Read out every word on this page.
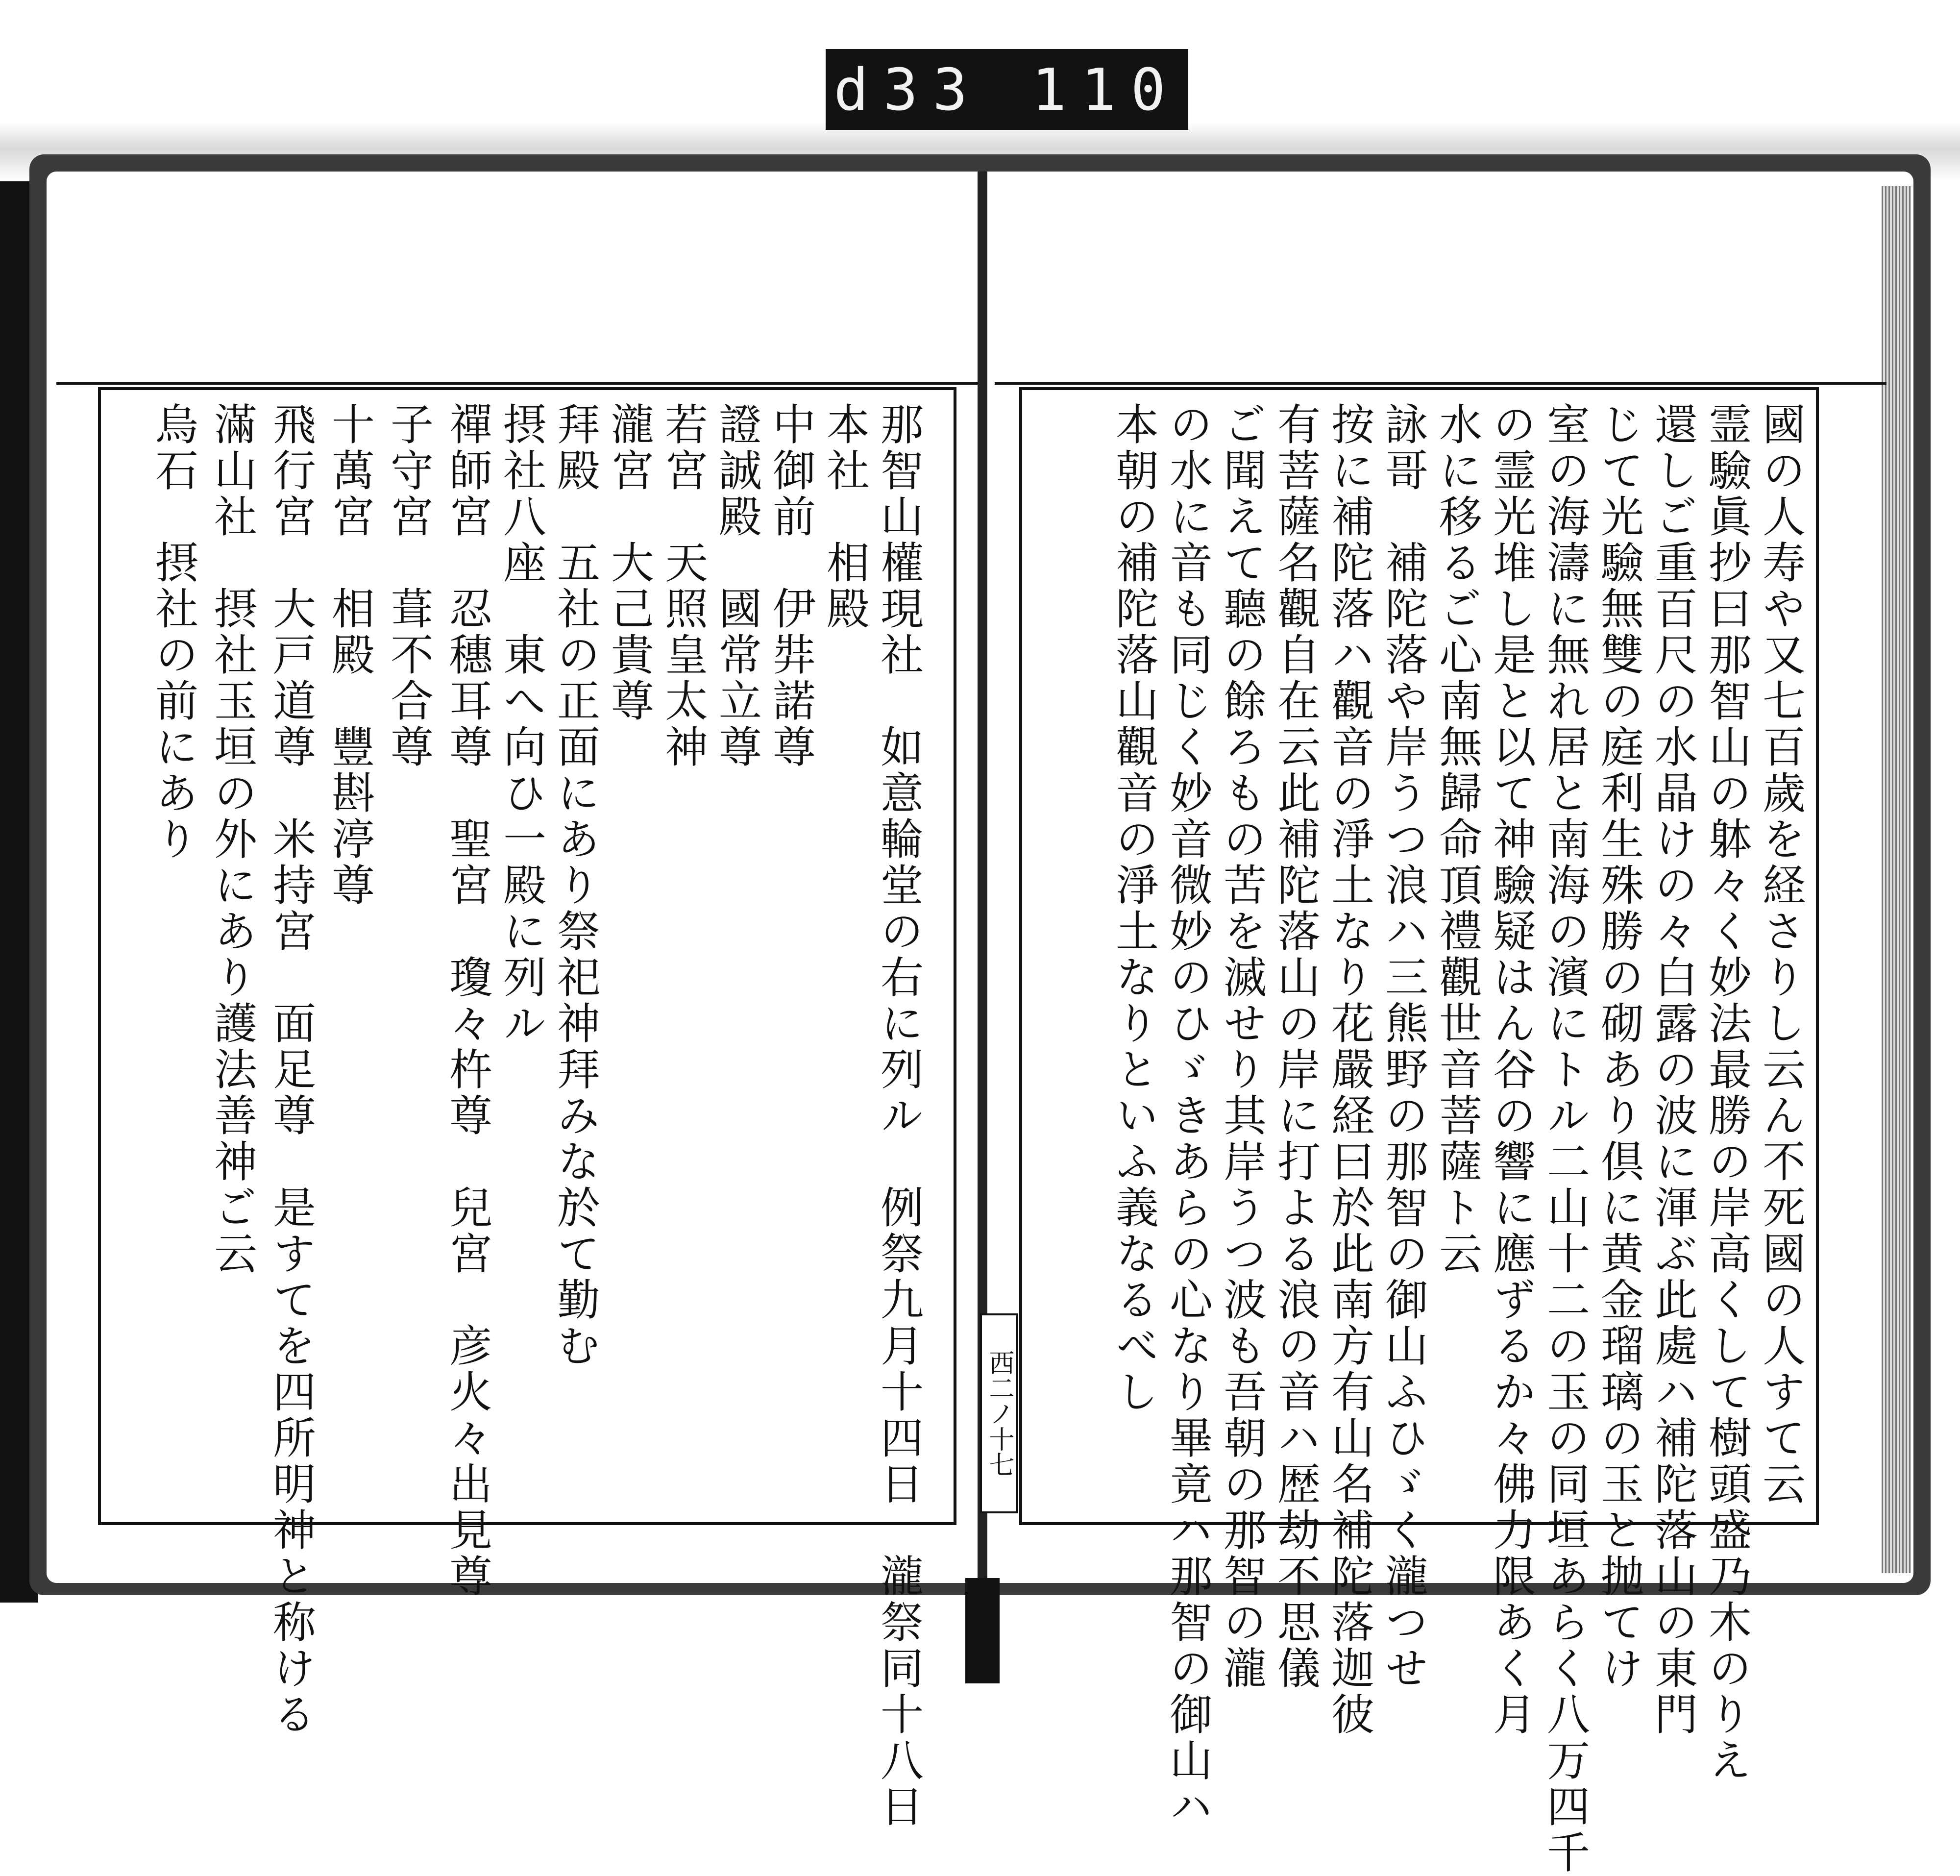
d33 110
國の人寿や又七百歲を経さりし云ん不死國の人すて云
霊驗眞抄曰那智山の躰々く妙法最勝の岸高くして樹頭盛乃木のりえ
還しご重百尺の水晶けの々白露の波に渾ぶ此處ハ補陀落山の東門
じて光驗無雙の庭利生殊勝の砌あり倶に黄金瑠璃の玉と抛てけ
室の海濤に無れ居と南海の濱にトル二山十二の玉の同垣あらく八万四千
の霊光堆し是と以て神驗疑はん谷の響に應ずるか々佛力限あく月
水に移るご心南無歸命頂禮觀世音菩薩ト云
詠哥　補陀落や岸うつ浪ハ三熊野の那智の御山ふひゞく瀧つせ
按に補陀落ハ觀音の淨土なり花嚴経曰於此南方有山名補陀落迦彼
有菩薩名觀自在云此補陀落山の岸に打よる浪の音ハ歴劫不思儀
ご聞えて聽の餘ろもの苦を滅せり其岸うつ波も吾朝の那智の瀧
の水に音も同じく妙音微妙のひゞきあらの心なり畢竟ハ那智の御山ハ
本朝の補陀落山觀音の淨土なりといふ義なるべし
西二ノ十七
那智山權現社　如意輪堂の右に列ル　例祭九月十四日　瀧祭同十八日
本社　相殿
中御前　伊弉諾尊
證誠殿　國常立尊
若宮　天照皇太神
瀧宮　大己貴尊
拜殿　五社の正面にあり祭祀神拜みな於て勤む
摂社八座　東へ向ひ一殿に列ル
禪師宮　忍穗耳尊　聖宮　瓊々杵尊　兒宮　彦火々出見尊
子守宮　葺不合尊
十萬宮　相殿　豐斟渟尊
飛行宮　大戸道尊　米持宮　面足尊　是すてを四所明神と称ける
滿山社　摂社玉垣の外にあり護法善神ご云
烏石　摂社の前にあり
